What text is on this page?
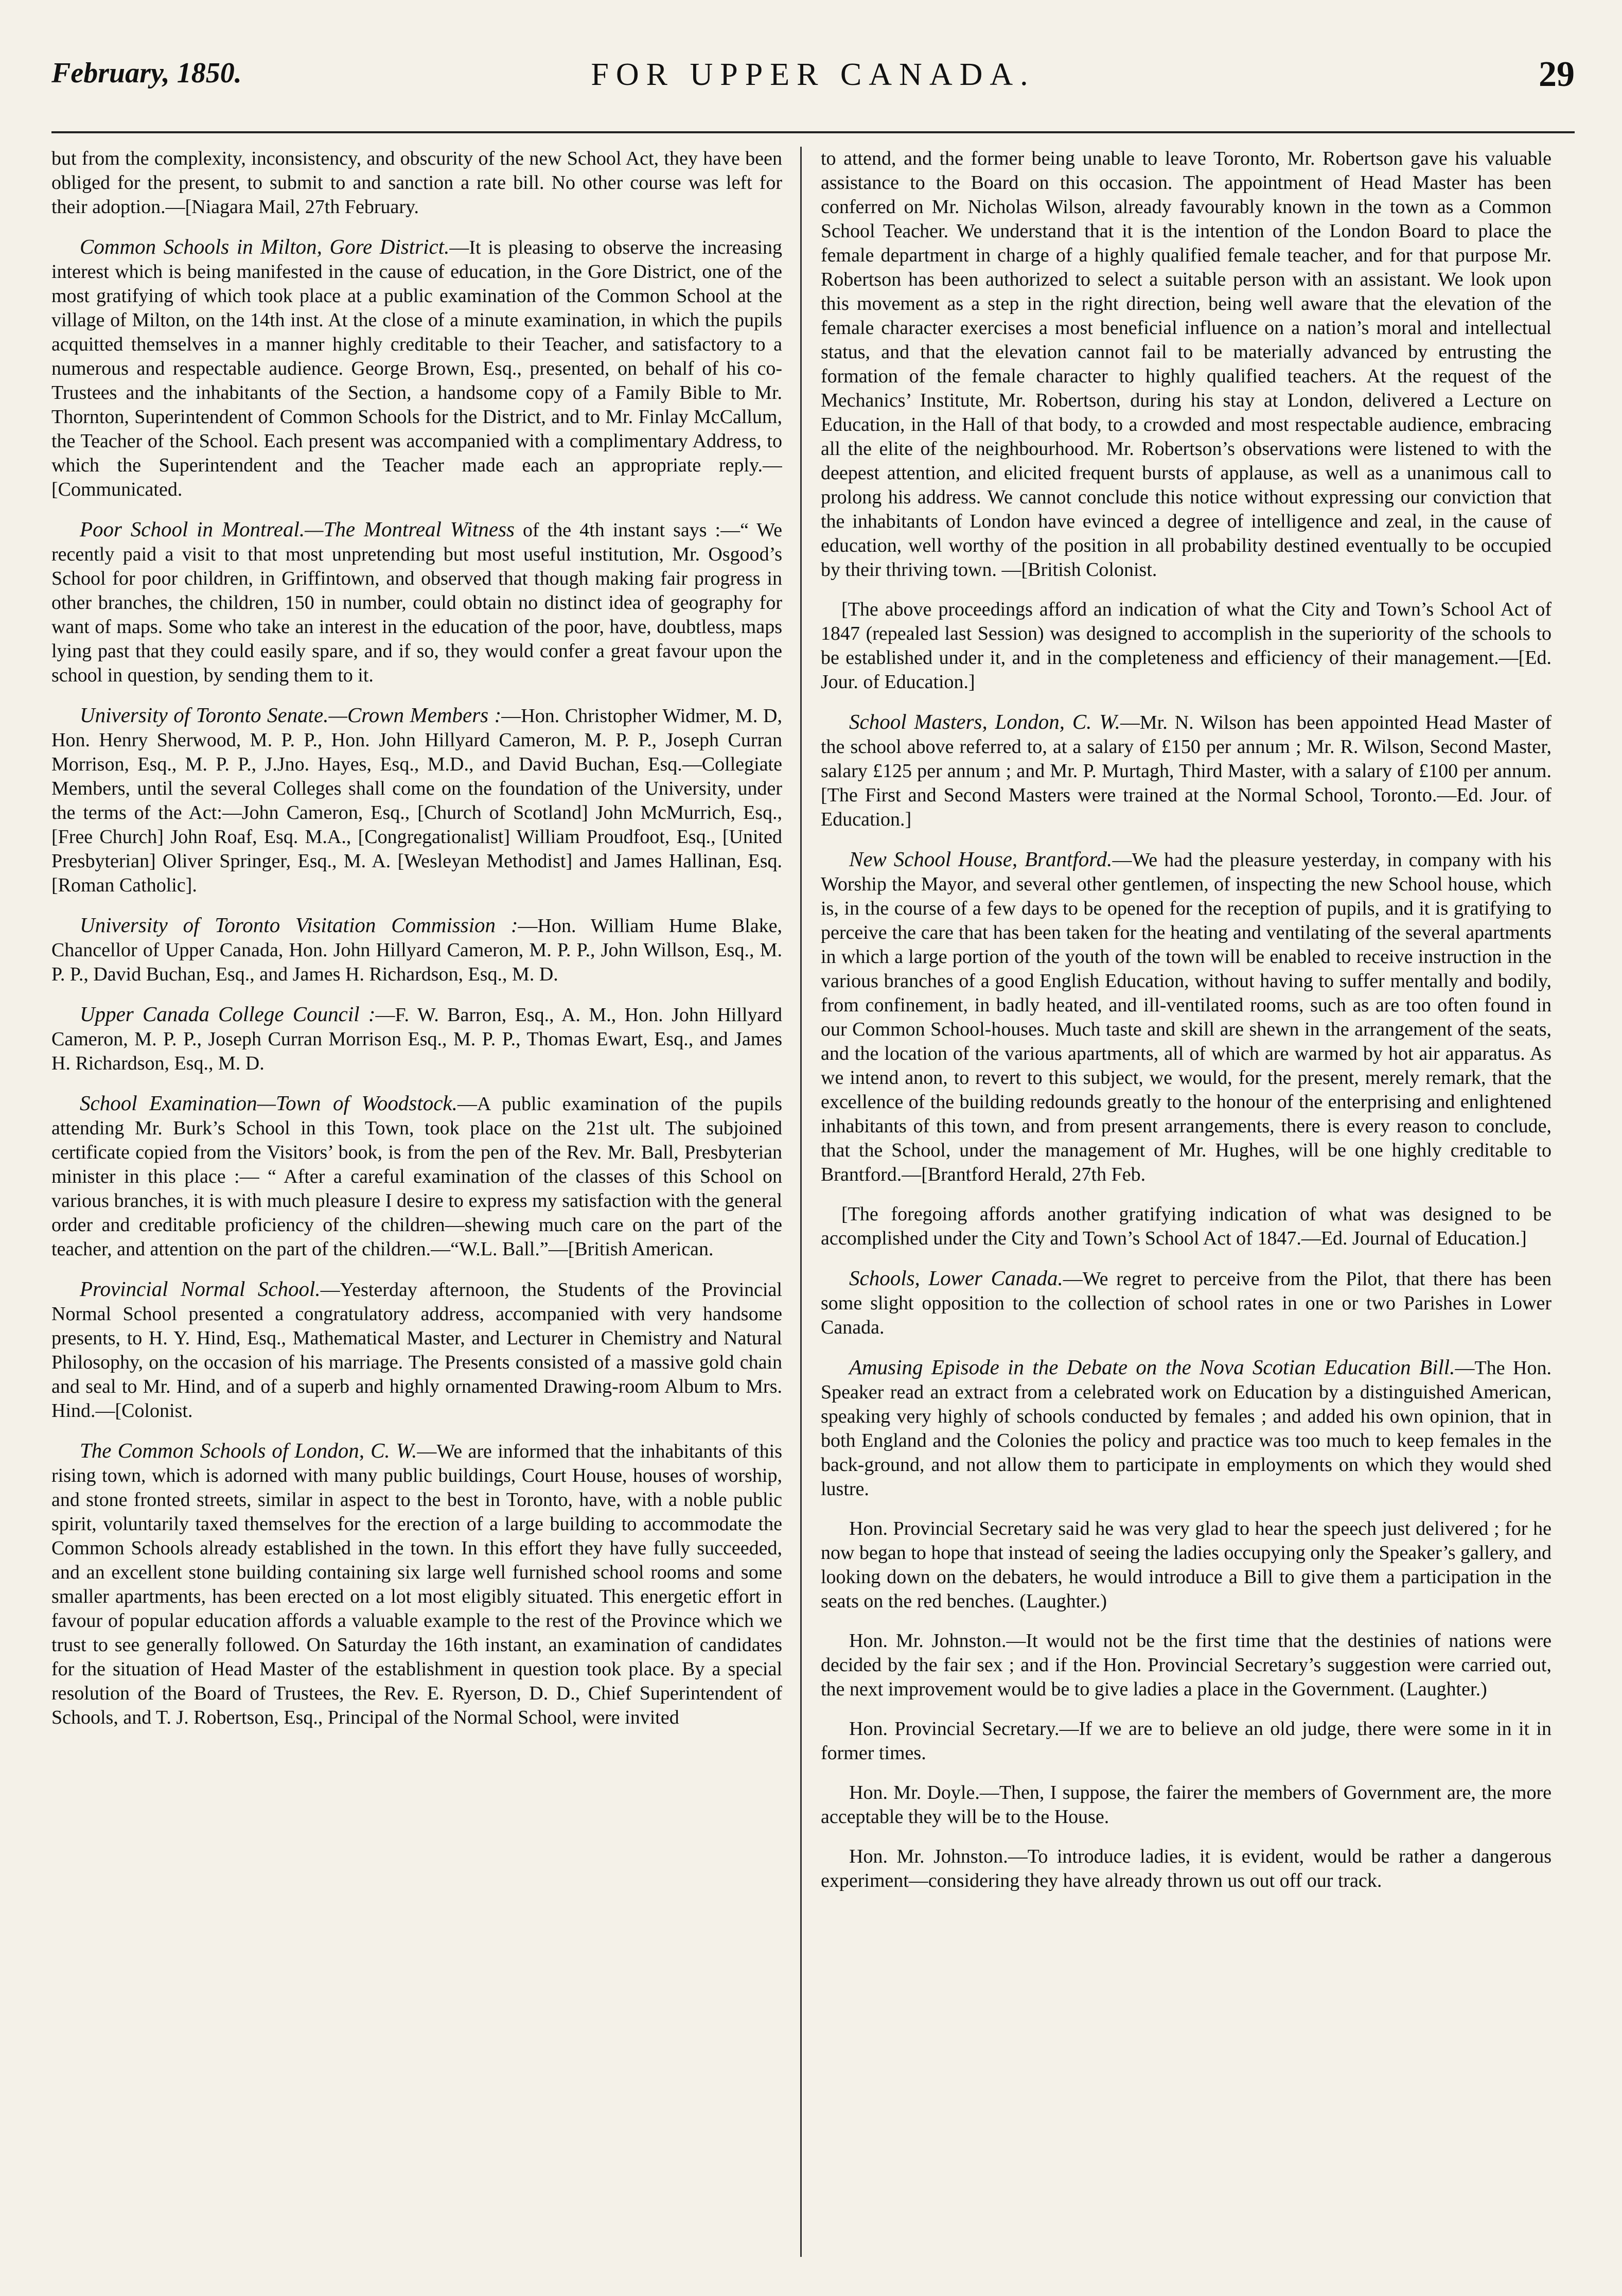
February, 1850.	FOR UPPER CANADA.	29

but from the complexity, inconsistency, and obscurity of the new School Act, they have been obliged for the present, to submit to and sanction a rate bill. No other course was left for their adoption.—[Niagara Mail, 27th February.

Common Schools in Milton, Gore District.—It is pleasing to observe the increasing interest which is being manifested in the cause of education, in the Gore District, one of the most gratifying of which took place at a public examination of the Common School at the village of Milton, on the 14th inst. At the close of a minute examination, in which the pupils acquitted themselves in a manner highly creditable to their Teacher, and satisfactory to a numerous and respectable audience. George Brown, Esq., presented, on behalf of his co-Trustees and the inhabitants of the Section, a handsome copy of a Family Bible to Mr. Thornton, Superintendent of Common Schools for the District, and to Mr. Finlay McCallum, the Teacher of the School. Each present was accompanied with a complimentary Address, to which the Superintendent and the Teacher made each an appropriate reply.—[Communicated.

Poor School in Montreal.—The Montreal Witness of the 4th instant says :—“ We recently paid a visit to that most unpretending but most useful institution, Mr. Osgood’s School for poor children, in Griffintown, and observed that though making fair progress in other branches, the children, 150 in number, could obtain no distinct idea of geography for want of maps. Some who take an interest in the education of the poor, have, doubtless, maps lying past that they could easily spare, and if so, they would confer a great favour upon the school in question, by sending them to it.

University of Toronto Senate.—Crown Members :—Hon. Christopher Widmer, M. D, Hon. Henry Sherwood, M. P. P., Hon. John Hillyard Cameron, M. P. P., Joseph Curran Morrison, Esq., M. P. P., J.Jno. Hayes, Esq., M.D., and David Buchan, Esq.—Collegiate Members, until the several Colleges shall come on the foundation of the University, under the terms of the Act:—John Cameron, Esq., [Church of Scotland] John McMurrich, Esq., [Free Church] John Roaf, Esq. M.A., [Congregationalist] William Proudfoot, Esq., [United Presbyterian] Oliver Springer, Esq., M. A. [Wesleyan Methodist] and James Hallinan, Esq. [Roman Catholic].

University of Toronto Visitation Commission :—Hon. William Hume Blake, Chancellor of Upper Canada, Hon. John Hillyard Cameron, M. P. P., John Willson, Esq., M. P. P., David Buchan, Esq., and James H. Richardson, Esq., M. D.

Upper Canada College Council :—F. W. Barron, Esq., A. M., Hon. John Hillyard Cameron, M. P. P., Joseph Curran Morrison Esq., M. P. P., Thomas Ewart, Esq., and James H. Richardson, Esq., M. D.

School Examination—Town of Woodstock.—A public examination of the pupils attending Mr. Burk’s School in this Town, took place on the 21st ult. The subjoined certificate copied from the Visitors’ book, is from the pen of the Rev. Mr. Ball, Presbyterian minister in this place :— “ After a careful examination of the classes of this School on various branches, it is with much pleasure I desire to express my satisfaction with the general order and creditable proficiency of the children—shewing much care on the part of the teacher, and attention on the part of the children.—“W.L. Ball.”—[British American.

Provincial Normal School.—Yesterday afternoon, the Students of the Provincial Normal School presented a congratulatory address, accompanied with very handsome presents, to H. Y. Hind, Esq., Mathematical Master, and Lecturer in Chemistry and Natural Philosophy, on the occasion of his marriage. The Presents consisted of a massive gold chain and seal to Mr. Hind, and of a superb and highly ornamented Drawing-room Album to Mrs. Hind.—[Colonist.

The Common Schools of London, C. W.—We are informed that the inhabitants of this rising town, which is adorned with many public buildings, Court House, houses of worship, and stone fronted streets, similar in aspect to the best in Toronto, have, with a noble public spirit, voluntarily taxed themselves for the erection of a large building to accommodate the Common Schools already established in the town. In this effort they have fully succeeded, and an excellent stone building containing six large well furnished school rooms and some smaller apartments, has been erected on a lot most eligibly situated. This energetic effort in favour of popular education affords a valuable example to the rest of the Province which we trust to see generally followed. On Saturday the 16th instant, an examination of candidates for the situation of Head Master of the establishment in question took place. By a special resolution of the Board of Trustees, the Rev. E. Ryerson, D. D., Chief Superintendent of Schools, and T. J. Robertson, Esq., Principal of the Normal School, were invited

to attend, and the former being unable to leave Toronto, Mr. Robertson gave his valuable assistance to the Board on this occasion. The appointment of Head Master has been conferred on Mr. Nicholas Wilson, already favourably known in the town as a Common School Teacher. We understand that it is the intention of the London Board to place the female department in charge of a highly qualified female teacher, and for that purpose Mr. Robertson has been authorized to select a suitable person with an assistant. We look upon this movement as a step in the right direction, being well aware that the elevation of the female character exercises a most beneficial influence on a nation’s moral and intellectual status, and that the elevation cannot fail to be materially advanced by entrusting the formation of the female character to highly qualified teachers. At the request of the Mechanics’ Institute, Mr. Robertson, during his stay at London, delivered a Lecture on Education, in the Hall of that body, to a crowded and most respectable audience, embracing all the elite of the neighbourhood. Mr. Robertson’s observations were listened to with the deepest attention, and elicited frequent bursts of applause, as well as a unanimous call to prolong his address. We cannot conclude this notice without expressing our conviction that the inhabitants of London have evinced a degree of intelligence and zeal, in the cause of education, well worthy of the position in all probability destined eventually to be occupied by their thriving town. —[British Colonist.

[The above proceedings afford an indication of what the City and Town’s School Act of 1847 (repealed last Session) was designed to accomplish in the superiority of the schools to be established under it, and in the completeness and efficiency of their management.—[Ed. Jour. of Education.]

School Masters, London, C. W.—Mr. N. Wilson has been appointed Head Master of the school above referred to, at a salary of £150 per annum ; Mr. R. Wilson, Second Master, salary £125 per annum ; and Mr. P. Murtagh, Third Master, with a salary of £100 per annum. [The First and Second Masters were trained at the Normal School, Toronto.—Ed. Jour. of Education.]

New School House, Brantford.—We had the pleasure yesterday, in company with his Worship the Mayor, and several other gentlemen, of inspecting the new School house, which is, in the course of a few days to be opened for the reception of pupils, and it is gratifying to perceive the care that has been taken for the heating and ventilating of the several apartments in which a large portion of the youth of the town will be enabled to receive instruction in the various branches of a good English Education, without having to suffer mentally and bodily, from confinement, in badly heated, and ill-ventilated rooms, such as are too often found in our Common School-houses. Much taste and skill are shewn in the arrangement of the seats, and the location of the various apartments, all of which are warmed by hot air apparatus. As we intend anon, to revert to this subject, we would, for the present, merely remark, that the excellence of the building redounds greatly to the honour of the enterprising and enlightened inhabitants of this town, and from present arrangements, there is every reason to conclude, that the School, under the management of Mr. Hughes, will be one highly creditable to Brantford.—[Brantford Herald, 27th Feb.

[The foregoing affords another gratifying indication of what was designed to be accomplished under the City and Town’s School Act of 1847.—Ed. Journal of Education.]

Schools, Lower Canada.—We regret to perceive from the Pilot, that there has been some slight opposition to the collection of school rates in one or two Parishes in Lower Canada.

Amusing Episode in the Debate on the Nova Scotian Education Bill.—The Hon. Speaker read an extract from a celebrated work on Education by a distinguished American, speaking very highly of schools conducted by females ; and added his own opinion, that in both England and the Colonies the policy and practice was too much to keep females in the back-ground, and not allow them to participate in employments on which they would shed lustre.

Hon. Provincial Secretary said he was very glad to hear the speech just delivered ; for he now began to hope that instead of seeing the ladies occupying only the Speaker’s gallery, and looking down on the debaters, he would introduce a Bill to give them a participation in the seats on the red benches. (Laughter.)

Hon. Mr. Johnston.—It would not be the first time that the destinies of nations were decided by the fair sex ; and if the Hon. Provincial Secretary’s suggestion were carried out, the next improvement would be to give ladies a place in the Government. (Laughter.)

Hon. Provincial Secretary.—If we are to believe an old judge, there were some in it in former times.

Hon. Mr. Doyle.—Then, I suppose, the fairer the members of Government are, the more acceptable they will be to the House.

Hon. Mr. Johnston.—To introduce ladies, it is evident, would be rather a dangerous experiment—considering they have already thrown us out off our track.
